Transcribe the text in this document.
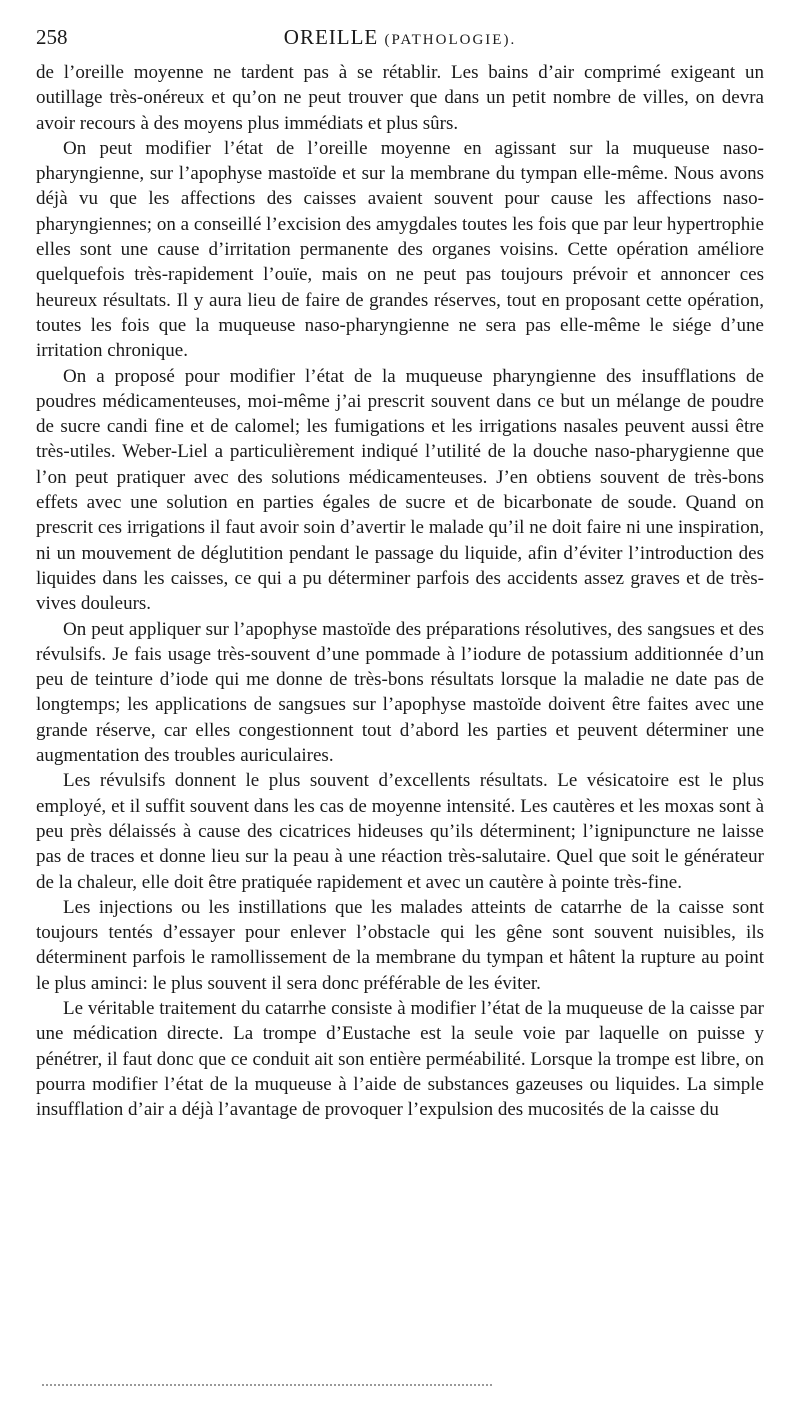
258	OREILLE (PATHOLOGIE).

de l’oreille moyenne ne tardent pas à se rétablir. Les bains d’air comprimé exigeant un outillage très-onéreux et qu’on ne peut trouver que dans un petit nombre de villes, on devra avoir recours à des moyens plus immédiats et plus sûrs.

On peut modifier l’état de l’oreille moyenne en agissant sur la muqueuse naso-pharyngienne, sur l’apophyse mastoïde et sur la membrane du tympan elle-même. Nous avons déjà vu que les affections des caisses avaient souvent pour cause les affections naso-pharyngiennes; on a conseillé l’excision des amygdales toutes les fois que par leur hypertrophie elles sont une cause d’irritation permanente des organes voisins. Cette opération améliore quelquefois très-rapidement l’ouïe, mais on ne peut pas toujours prévoir et annoncer ces heureux résultats. Il y aura lieu de faire de grandes réserves, tout en proposant cette opération, toutes les fois que la muqueuse naso-pharyngienne ne sera pas elle-même le siége d’une irritation chronique.

On a proposé pour modifier l’état de la muqueuse pharyngienne des insufflations de poudres médicamenteuses, moi-même j’ai prescrit souvent dans ce but un mélange de poudre de sucre candi fine et de calomel; les fumigations et les irrigations nasales peuvent aussi être très-utiles. Weber-Liel a particulièrement indiqué l’utilité de la douche naso-pharygienne que l’on peut pratiquer avec des solutions médicamenteuses. J’en obtiens souvent de très-bons effets avec une solution en parties égales de sucre et de bicarbonate de soude. Quand on prescrit ces irrigations il faut avoir soin d’avertir le malade qu’il ne doit faire ni une inspiration, ni un mouvement de déglutition pendant le passage du liquide, afin d’éviter l’introduction des liquides dans les caisses, ce qui a pu déterminer parfois des accidents assez graves et de très-vives douleurs.

On peut appliquer sur l’apophyse mastoïde des préparations résolutives, des sangsues et des révulsifs. Je fais usage très-souvent d’une pommade à l’iodure de potassium additionnée d’un peu de teinture d’iode qui me donne de très-bons résultats lorsque la maladie ne date pas de longtemps; les applications de sangsues sur l’apophyse mastoïde doivent être faites avec une grande réserve, car elles congestionnent tout d’abord les parties et peuvent déterminer une augmentation des troubles auriculaires.

Les révulsifs donnent le plus souvent d’excellents résultats. Le vésicatoire est le plus employé, et il suffit souvent dans les cas de moyenne intensité. Les cautères et les moxas sont à peu près délaissés à cause des cicatrices hideuses qu’ils déterminent; l’ignipuncture ne laisse pas de traces et donne lieu sur la peau à une réaction très-salutaire. Quel que soit le générateur de la chaleur, elle doit être pratiquée rapidement et avec un cautère à pointe très-fine.

Les injections ou les instillations que les malades atteints de catarrhe de la caisse sont toujours tentés d’essayer pour enlever l’obstacle qui les gêne sont souvent nuisibles, ils déterminent parfois le ramollissement de la membrane du tympan et hâtent la rupture au point le plus aminci: le plus souvent il sera donc préférable de les éviter.

Le véritable traitement du catarrhe consiste à modifier l’état de la muqueuse de la caisse par une médication directe. La trompe d’Eustache est la seule voie par laquelle on puisse y pénétrer, il faut donc que ce conduit ait son entière perméabilité. Lorsque la trompe est libre, on pourra modifier l’état de la muqueuse à l’aide de substances gazeuses ou liquides. La simple insufflation d’air a déjà l’avantage de provoquer l’expulsion des mucosités de la caisse du
